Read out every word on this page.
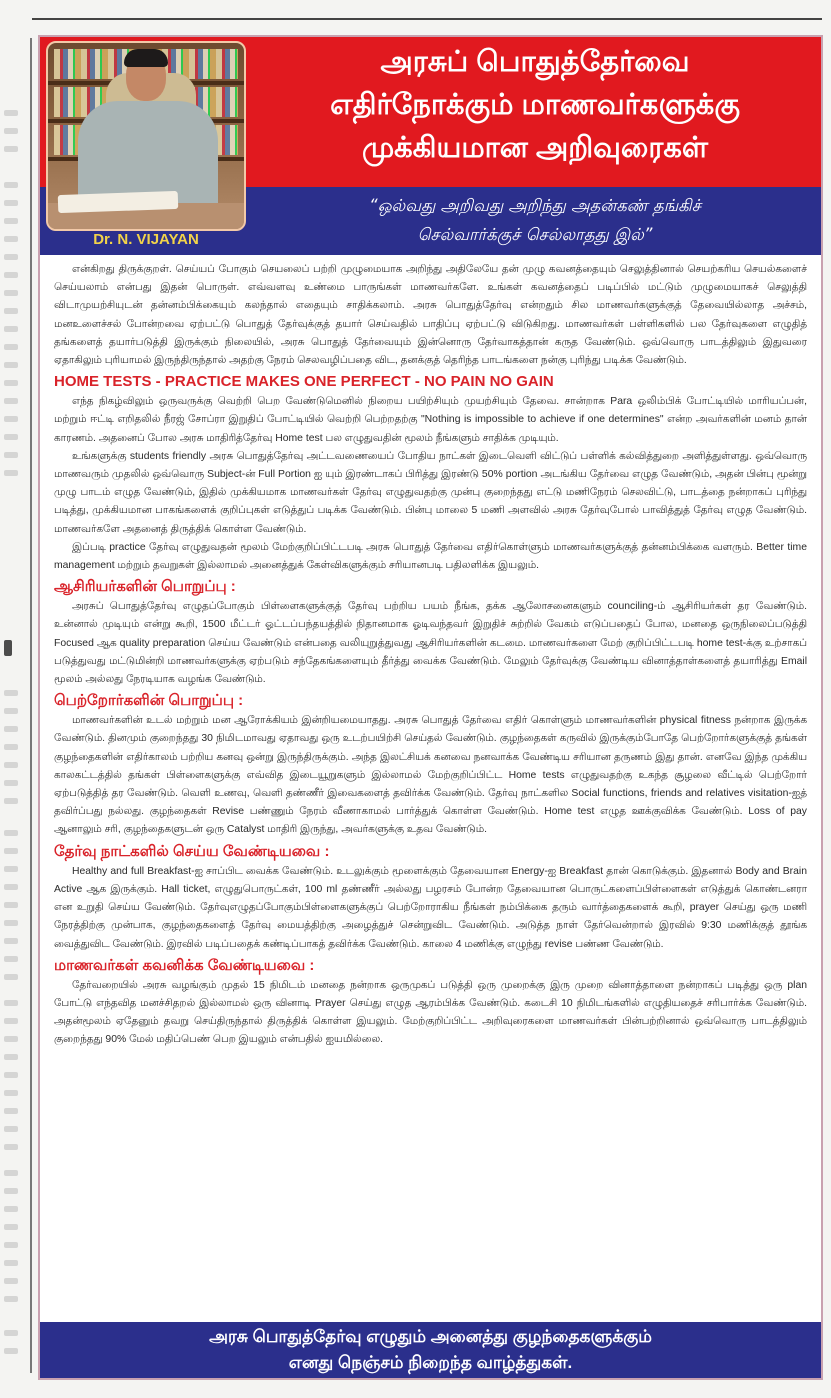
Dr. N. VIJAYAN
அரசுப் பொதுத்தேர்வை
எதிர்நோக்கும் மாணவர்களுக்கு
முக்கியமான அறிவுரைகள்
“ஒல்வது அறிவது அறிந்து அதன்கண் தங்கிச்
செல்வார்க்குச் செல்லாதது இல்”

என்கிறது திருக்குறள். செய்யப் போகும் செயலைப் பற்றி முழுமையாக அறிந்து அதிலேயே தன் முழு கவனத்தையும் செலுத்தினால் செயற்கரிய செயல்களைச் செய்யலாம் என்பது இதன் பொருள். எவ்வளவு உண்மை பாருங்கள் மாணவர்களே. உங்கள் கவனத்தைப் படிப்பில் மட்டும் முழுமையாகச் செலுத்தி விடாமுயற்சியுடன் தன்னம்பிக்கையும் கலந்தால் எதையும் சாதிக்கலாம். அரசு பொதுத்தேர்வு என்றதும் சில மாணவர்களுக்குத் தேவையில்லாத அச்சம், மனஉளைச்சல் போன்றவை ஏற்பட்டு பொதுத் தேர்வுக்குத் தயார் செய்வதில் பாதிப்பு ஏற்பட்டு விடுகிறது. மாணவர்கள் பள்ளிகளில் பல தேர்வுகளை எழுதித் தங்களைத் தயார்படுத்தி இருக்கும் நிலையில், அரசு பொதுத் தேர்வையும் இன்னொரு தேர்வாகத்தான் கருத வேண்டும். ஒவ்வொரு பாடத்திலும் இதுவரை ஏதாகிலும் புரியாமல் இருந்திருந்தால் அதற்கு நேரம் செலவழிப்பதை விட, தனக்குத் தெரிந்த பாடங்களை நன்கு புரிந்து படிக்க வேண்டும்.

HOME TESTS - PRACTICE MAKES ONE PERFECT - NO PAIN NO GAIN

எந்த நிகழ்விலும் ஒருவருக்கு வெற்றி பெற வேண்டுமெனில் நிறைய பயிற்சியும் முயற்சியும் தேவை. சான்றாக Para ஒலிம்பிக் போட்டியில் மாரியப்பன், மற்றும் ஈட்டி எறிதலில் நீரஜ் சோப்ரா இறுதிப் போட்டியில் வெற்றி பெற்றதற்கு "Nothing is impossible to achieve if one determines" என்ற அவர்களின் மனம் தான் காரணம். அதனைப் போல அரசு மாதிரித்தேர்வு Home test பல எழுதுவதின் மூலம் நீங்களும் சாதிக்க முடியும்.

உங்களுக்கு students friendly அரசு பொதுத்தேர்வு அட்டவணையைப் போதிய நாட்கள் இடைவெளி விட்டுப் பள்ளிக் கல்வித்துறை அளித்துள்ளது. ஒவ்வொரு மாணவரும் முதலில் ஒவ்வொரு Subject-ன் Full Portion ஐ யும் இரண்டாகப் பிரித்து இரண்டு 50% portion அடங்கிய தேர்வை எழுத வேண்டும், அதன் பின்பு மூன்று முழு பாடம் எழுத வேண்டும், இதில் முக்கியமாக மாணவர்கள் தேர்வு எழுதுவதற்கு முன்பு குறைந்தது எட்டு மணிநேரம் செலவிட்டு, பாடத்தை நன்றாகப் புரிந்து படித்து, முக்கியமான பாகங்களைக் குறிப்புகள் எடுத்துப் படிக்க வேண்டும். பின்பு மாலை 5 மணி அளவில் அரசு தேர்வுபோல் பாவித்துத் தேர்வு எழுத வேண்டும். மாணவர்களே அதனைத் திருத்திக் கொள்ள வேண்டும்.

இப்படி practice தேர்வு எழுதுவதன் மூலம் மேற்குறிப்பிட்டபடி அரசு பொதுத் தேர்வை எதிர்கொள்ளும் மாணவர்களுக்குத் தன்னம்பிக்கை வளரும். Better time management மற்றும் தவறுகள் இல்லாமல் அனைத்துக் கேள்விகளுக்கும் சரியானபடி பதிலளிக்க இயலும்.

ஆசிரியர்களின் பொறுப்பு :

அரசுப் பொதுத்தேர்வு எழுதப்போகும் பிள்ளைகளுக்குத் தேர்வு பற்றிய பயம் நீங்க, தக்க ஆலோசனைகளும் counciling-ம் ஆசிரியர்கள் தர வேண்டும். உன்னால் முடியும் என்று கூறி, 1500 மீட்டர் ஓட்டப்பந்தயத்தில் நிதானமாக ஓடிவந்தவர் இறுதிச் சுற்றில் வேகம் எடுப்பதைப் போல, மனதை ஒருநிலைப்படுத்தி Focused ஆக quality preparation செய்ய வேண்டும் என்பதை வலியுறுத்துவது ஆசிரியர்களின் கடமை. மாணவர்களை மேற் குறிப்பிட்டபடி home test-க்கு உற்சாகப் படுத்துவது மட்டுமின்றி மாணவர்களுக்கு ஏற்படும் சந்தேகங்களையும் தீர்த்து வைக்க வேண்டும். மேலும் தேர்வுக்கு வேண்டிய வினாத்தாள்களைத் தயாரித்து Email மூலம் அல்லது நேரடியாக வழங்க வேண்டும்.

பெற்றோர்களின் பொறுப்பு :

மாணவர்களின் உடல் மற்றும் மன ஆரோக்கியம் இன்றியமையாதது. அரசு பொதுத் தேர்வை எதிர் கொள்ளும் மாணவர்களின் physical fitness நன்றாக இருக்க வேண்டும். தினமும் குறைந்தது 30 நிமிடமாவது ஏதாவது ஒரு உடற்பயிற்சி செய்தல் வேண்டும். குழந்தைகள் கருவில் இருக்கும்போதே பெற்றோர்களுக்குத் தங்கள் குழந்தைகளின் எதிர்காலம் பற்றிய கனவு ஒன்று இருந்திருக்கும். அந்த இலட்சியக் கனவை நனவாக்க வேண்டிய சரியான தருணம் இது தான். எனவே இந்த முக்கிய காலகட்டத்தில் தங்கள் பிள்ளைகளுக்கு எவ்வித இடையூறுகளும் இல்லாமல் மேற்குறிப்பிட்ட Home tests எழுதுவதற்கு உகந்த சூழலை வீட்டில் பெற்றோர் ஏற்படுத்தித் தர வேண்டும். வெளி உணவு, வெளி தண்ணீர் இவைகளைத் தவிர்க்க வேண்டும். தேர்வு நாட்களில Social functions, friends and relatives visitation-ஐத் தவிர்ப்பது நல்லது. குழந்தைகள் Revise பண்ணும் நேரம் வீணாகாமல் பார்த்துக் கொள்ள வேண்டும். Home test எழுத ஊக்குவிக்க வேண்டும். Loss of pay ஆனாலும் சரி, குழந்தைகளுடன் ஒரு Catalyst மாதிரி இருந்து, அவர்களுக்கு உதவ வேண்டும்.

தேர்வு நாட்களில் செய்ய வேண்டியவை :

Healthy and full Breakfast-ஐ சாப்பிட வைக்க வேண்டும். உடலுக்கும் மூளைக்கும் தேவையான Energy-ஐ Breakfast தான் கொடுக்கும். இதனால் Body and Brain Active ஆக இருக்கும். Hall ticket, எழுதுபொருட்கள், 100 ml தண்ணீர் அல்லது பழரசம் போன்ற தேவையான பொருட்களைப்பிள்ளைகள் எடுத்துக் கொண்டனரா என உறுதி செய்ய வேண்டும். தேர்வுஎழுதப்போகும்பிள்ளைகளுக்குப் பெற்றோராகிய நீங்கள் நம்பிக்கை தரும் வார்த்தைகளைக் கூறி, prayer செய்து ஒரு மணி நேரத்திற்கு முன்பாக, குழந்தைகளைத் தேர்வு மையத்திற்கு அழைத்துச் சென்றுவிட வேண்டும். அடுத்த நாள் தேர்வென்றால் இரவில் 9:30 மணிக்குத் தூங்க வைத்துவிட வேண்டும். இரவில் படிப்பதைக் கண்டிப்பாகத் தவிர்க்க வேண்டும். காலை 4 மணிக்கு எழுந்து revise பண்ண வேண்டும்.

மாணவர்கள் கவனிக்க வேண்டியவை :

தேர்வறையில் அரசு வழங்கும் முதல் 15 நிமிடம் மனதை நன்றாக ஒருமுகப் படுத்தி ஒரு முறைக்கு இரு முறை வினாத்தாளை நன்றாகப் படித்து ஒரு plan போட்டு எந்தவித மனச்சிதறல் இல்லாமல் ஒரு வினாடி Prayer செய்து எழுத ஆரம்பிக்க வேண்டும். கடைசி 10 நிமிடங்களில் எழுதியதைச் சரிபார்க்க வேண்டும். அதன்மூலம் ஏதேனும் தவறு செய்திருந்தால் திருத்திக் கொள்ள இயலும். மேற்குறிப்பிட்ட அறிவுரைகளை மாணவர்கள் பின்பற்றினால் ஒவ்வொரு பாடத்திலும் குறைந்தது 90% மேல் மதிப்பெண் பெற இயலும் என்பதில் ஐயமில்லை.

அரசு பொதுத்தேர்வு எழுதும் அனைத்து குழந்தைகளுக்கும்
எனது நெஞ்சம் நிறைந்த வாழ்த்துகள்.
